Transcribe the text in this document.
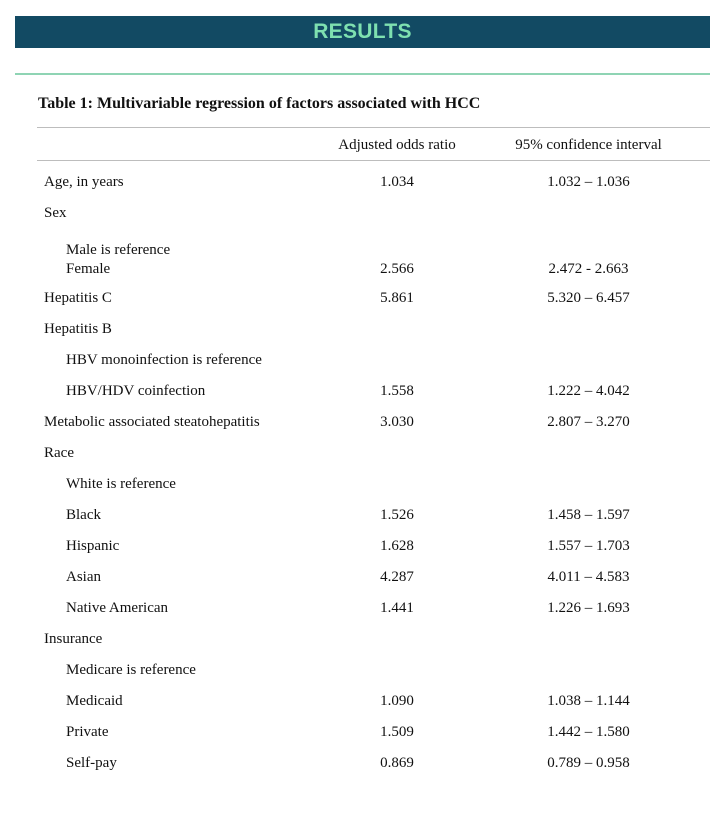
RESULTS
Table 1: Multivariable regression of factors associated with HCC
	Adjusted odds ratio	95% confidence interval
Age, in years	1.034	1.032 – 1.036
Sex		
Male is reference
Female	2.566	2.472 - 2.663
Hepatitis C	5.861	5.320 – 6.457
Hepatitis B		
HBV monoinfection is reference		
HBV/HDV coinfection	1.558	1.222 – 4.042
Metabolic associated steatohepatitis	3.030	2.807 – 3.270
Race		
White is reference		
Black	1.526	1.458 – 1.597
Hispanic	1.628	1.557 – 1.703
Asian	4.287	4.011 – 4.583
Native American	1.441	1.226 – 1.693
Insurance		
Medicare is reference		
Medicaid	1.090	1.038 – 1.144
Private	1.509	1.442 – 1.580
Self-pay	0.869	0.789 – 0.958
